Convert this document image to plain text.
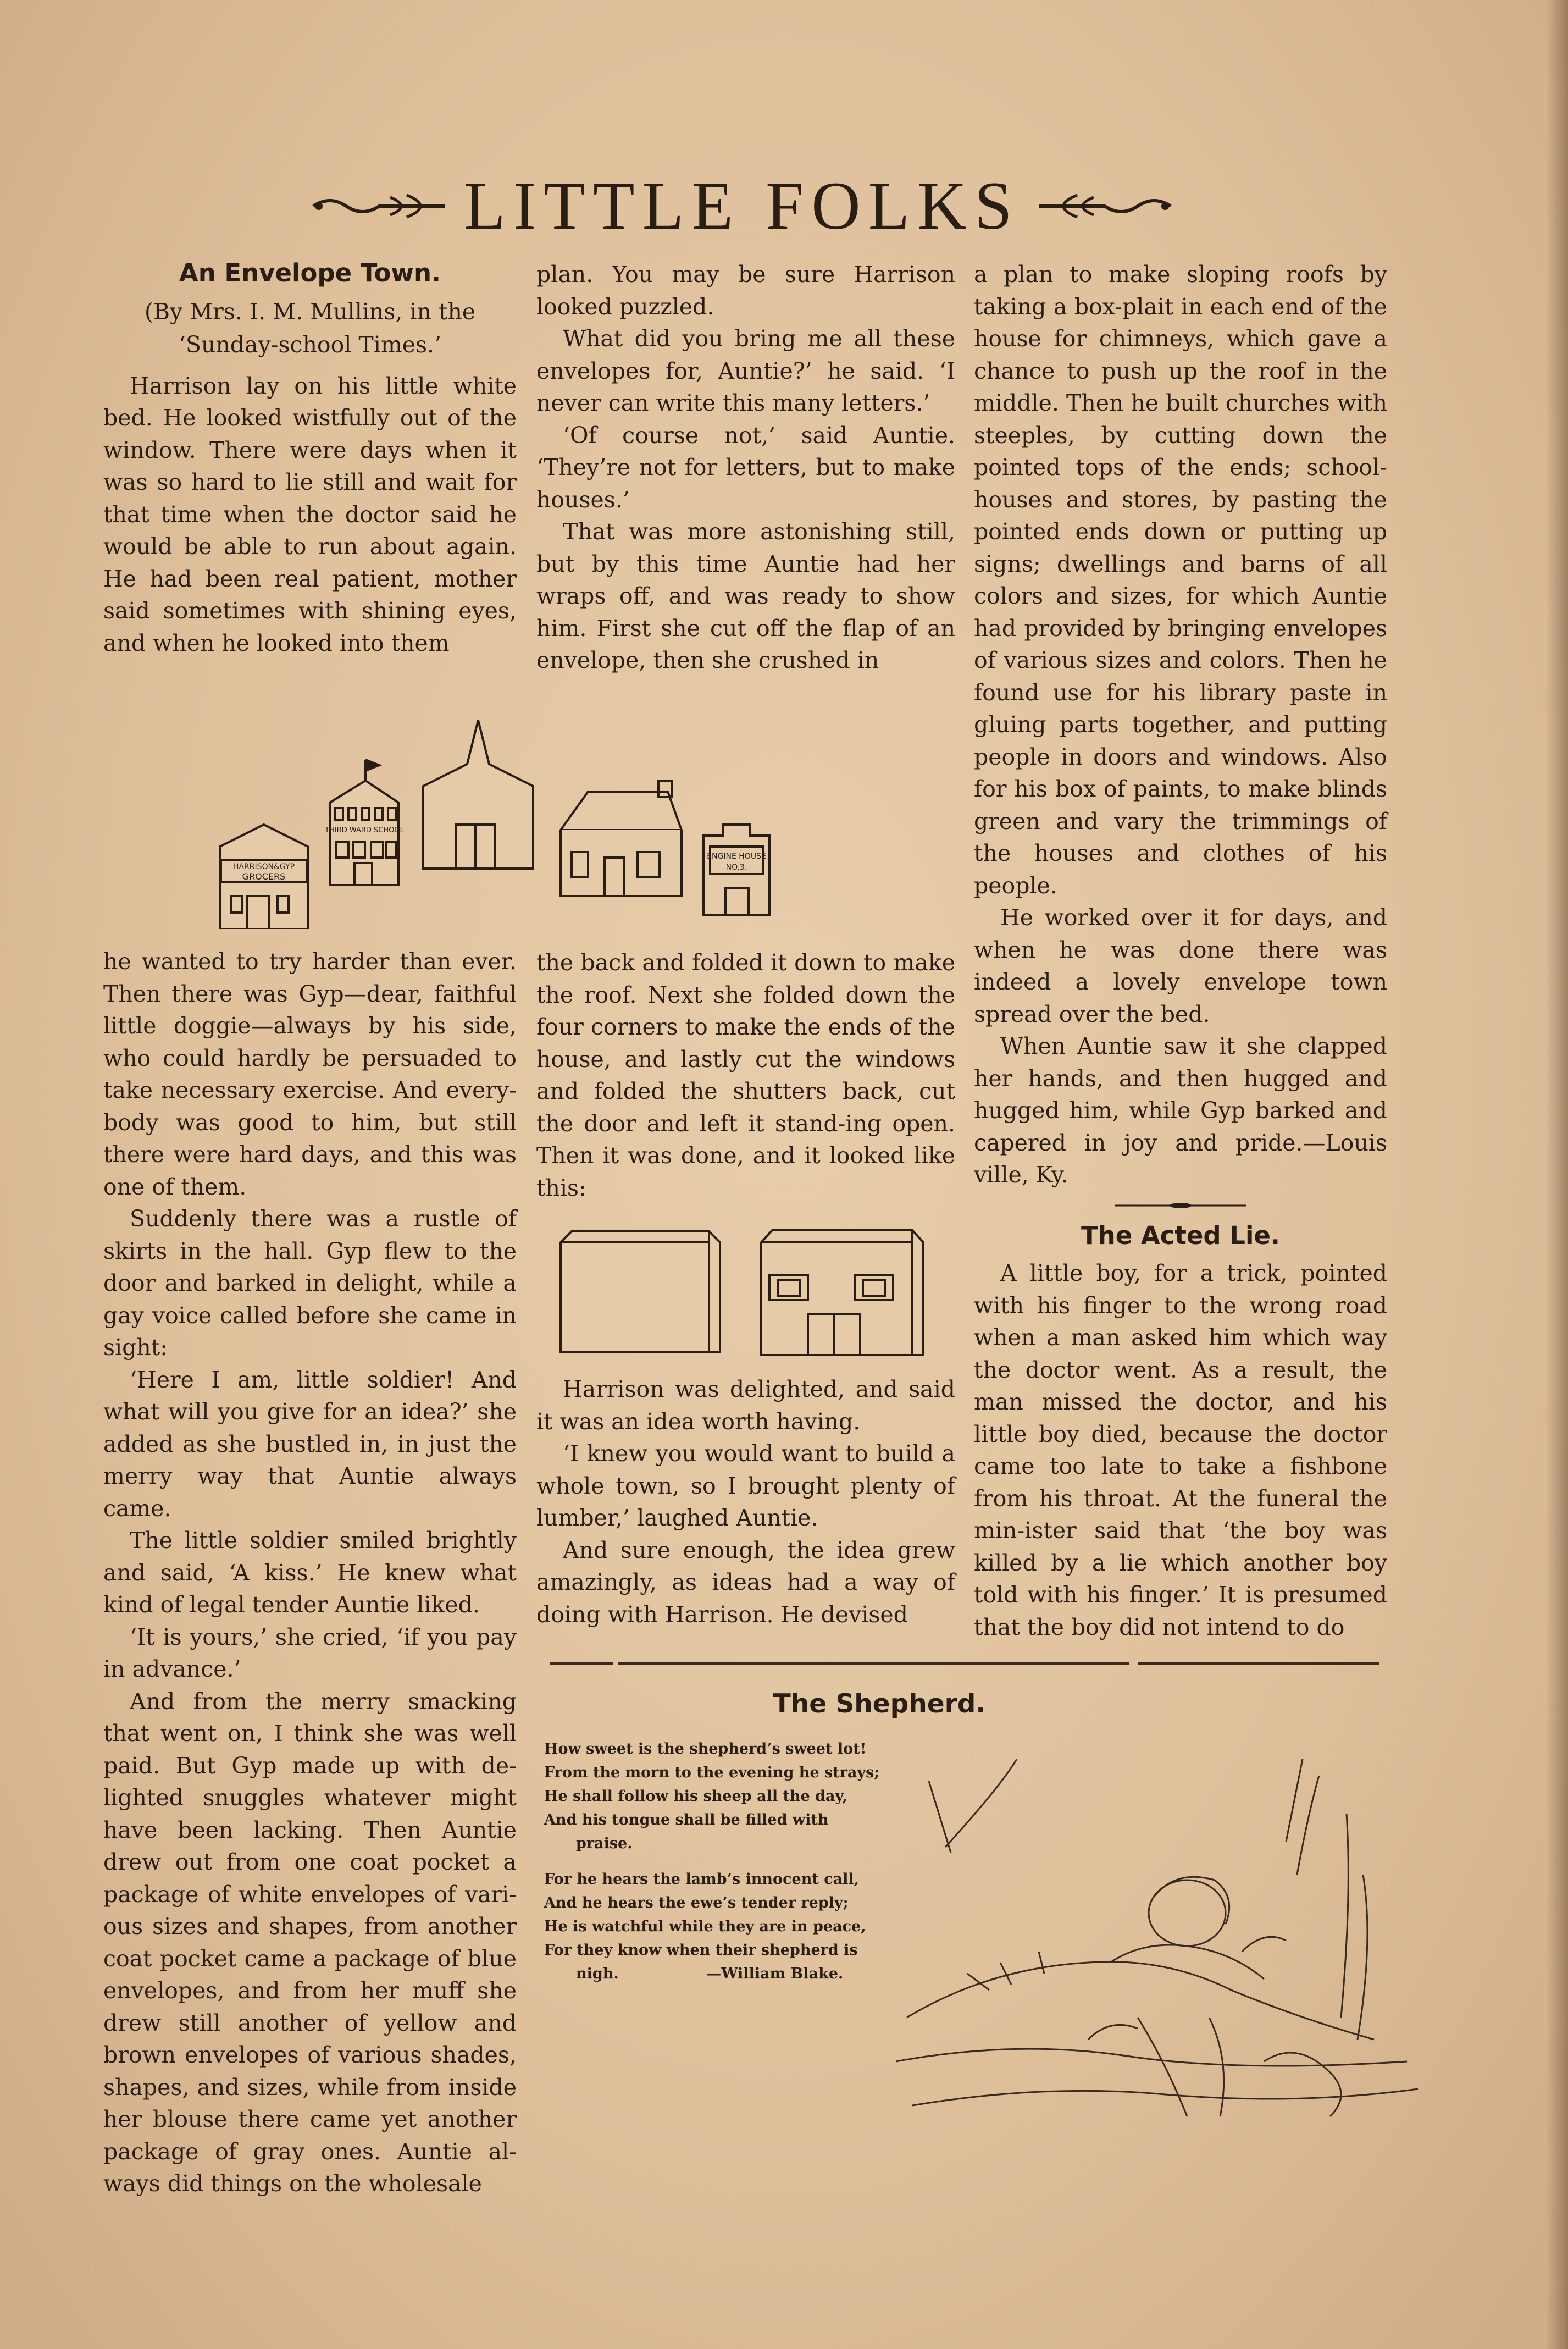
LITTLE FOLKS
An Envelope Town.
(By Mrs. I. M. Mullins, in the
‘Sunday-school Times.’

Harrison lay on his little white bed. He looked wistfully out of the window. There were days when it was so hard to lie still and wait for that time when the doctor said he would be able to run about again. He had been real patient, mother said sometimes with shining eyes, and when he looked into them

plan. You may be sure Harrison looked puzzled.

What did you bring me all these envelopes for, Auntie?’ he said. ‘I never can write this many letters.’

‘Of course not,’ said Auntie. ‘They’re not for letters, but to make houses.’

That was more astonishing still, but by this time Auntie had her wraps off, and was ready to show him. First she cut off the flap of an envelope, then she crushed in

a plan to make sloping roofs by taking a box-plait in each end of the house for chimneys, which gave a chance to push up the roof in the middle. Then he built churches with steeples, by cutting down the pointed tops of the ends; school-houses and stores, by pasting the pointed ends down or putting up signs; dwellings and barns of all colors and sizes, for which Auntie had provided by bringing envelopes of various sizes and colors. Then he found use for his library paste in gluing parts together, and putting people in doors and windows. Also for his box of paints, to make blinds green and vary the trimmings of the houses and clothes of his people.

He worked over it for days, and when he was done there was indeed a lovely envelope town spread over the bed.

When Auntie saw it she clapped her hands, and then hugged and hugged him, while Gyp barked and capered in joy and pride.—Louis ville, Ky.

The Acted Lie.

A little boy, for a trick, pointed with his finger to the wrong road when a man asked him which way the doctor went. As a result, the man missed the doctor, and his little boy died, because the doctor came too late to take a fishbone from his throat. At the funeral the min-ister said that ‘the boy was killed by a lie which another boy told with his finger.’ It is presumed that the boy did not intend to do

HARRISON&GYP
GROCERS
THIRD WARD SCHOOL
ENGINE HOUSE
NO.3.

he wanted to try harder than ever. Then there was Gyp—dear, faithful little doggie—always by his side, who could hardly be persuaded to take necessary exercise. And every-body was good to him, but still there were hard days, and this was one of them.

Suddenly there was a rustle of skirts in the hall. Gyp flew to the door and barked in delight, while a gay voice called before she came in sight:

‘Here I am, little soldier! And what will you give for an idea?’ she added as she bustled in, in just the merry way that Auntie always came.

The little soldier smiled brightly and said, ‘A kiss.’ He knew what kind of legal tender Auntie liked.

‘It is yours,’ she cried, ‘if you pay in advance.’

And from the merry smacking that went on, I think she was well paid. But Gyp made up with de-lighted snuggles whatever might have been lacking. Then Auntie drew out from one coat pocket a package of white envelopes of vari-ous sizes and shapes, from another coat pocket came a package of blue envelopes, and from her muff she drew still another of yellow and brown envelopes of various shades, shapes, and sizes, while from inside her blouse there came yet another package of gray ones. Auntie al-ways did things on the wholesale

the back and folded it down to make the roof. Next she folded down the four corners to make the ends of the house, and lastly cut the windows and folded the shutters back, cut the door and left it stand-ing open. Then it was done, and it looked like this:

Harrison was delighted, and said it was an idea worth having.

‘I knew you would want to build a whole town, so I brought plenty of lumber,’ laughed Auntie.

And sure enough, the idea grew amazingly, as ideas had a way of doing with Harrison. He devised

The Shepherd.
How sweet is the shepherd’s sweet lot!
From the morn to the evening he strays;
He shall follow his sheep all the day,
And his tongue shall be filled with
praise.
For he hears the lamb’s innocent call,
And he hears the ewe’s tender reply;
He is watchful while they are in peace,
For they know when their shepherd is
nigh.	—William Blake.
